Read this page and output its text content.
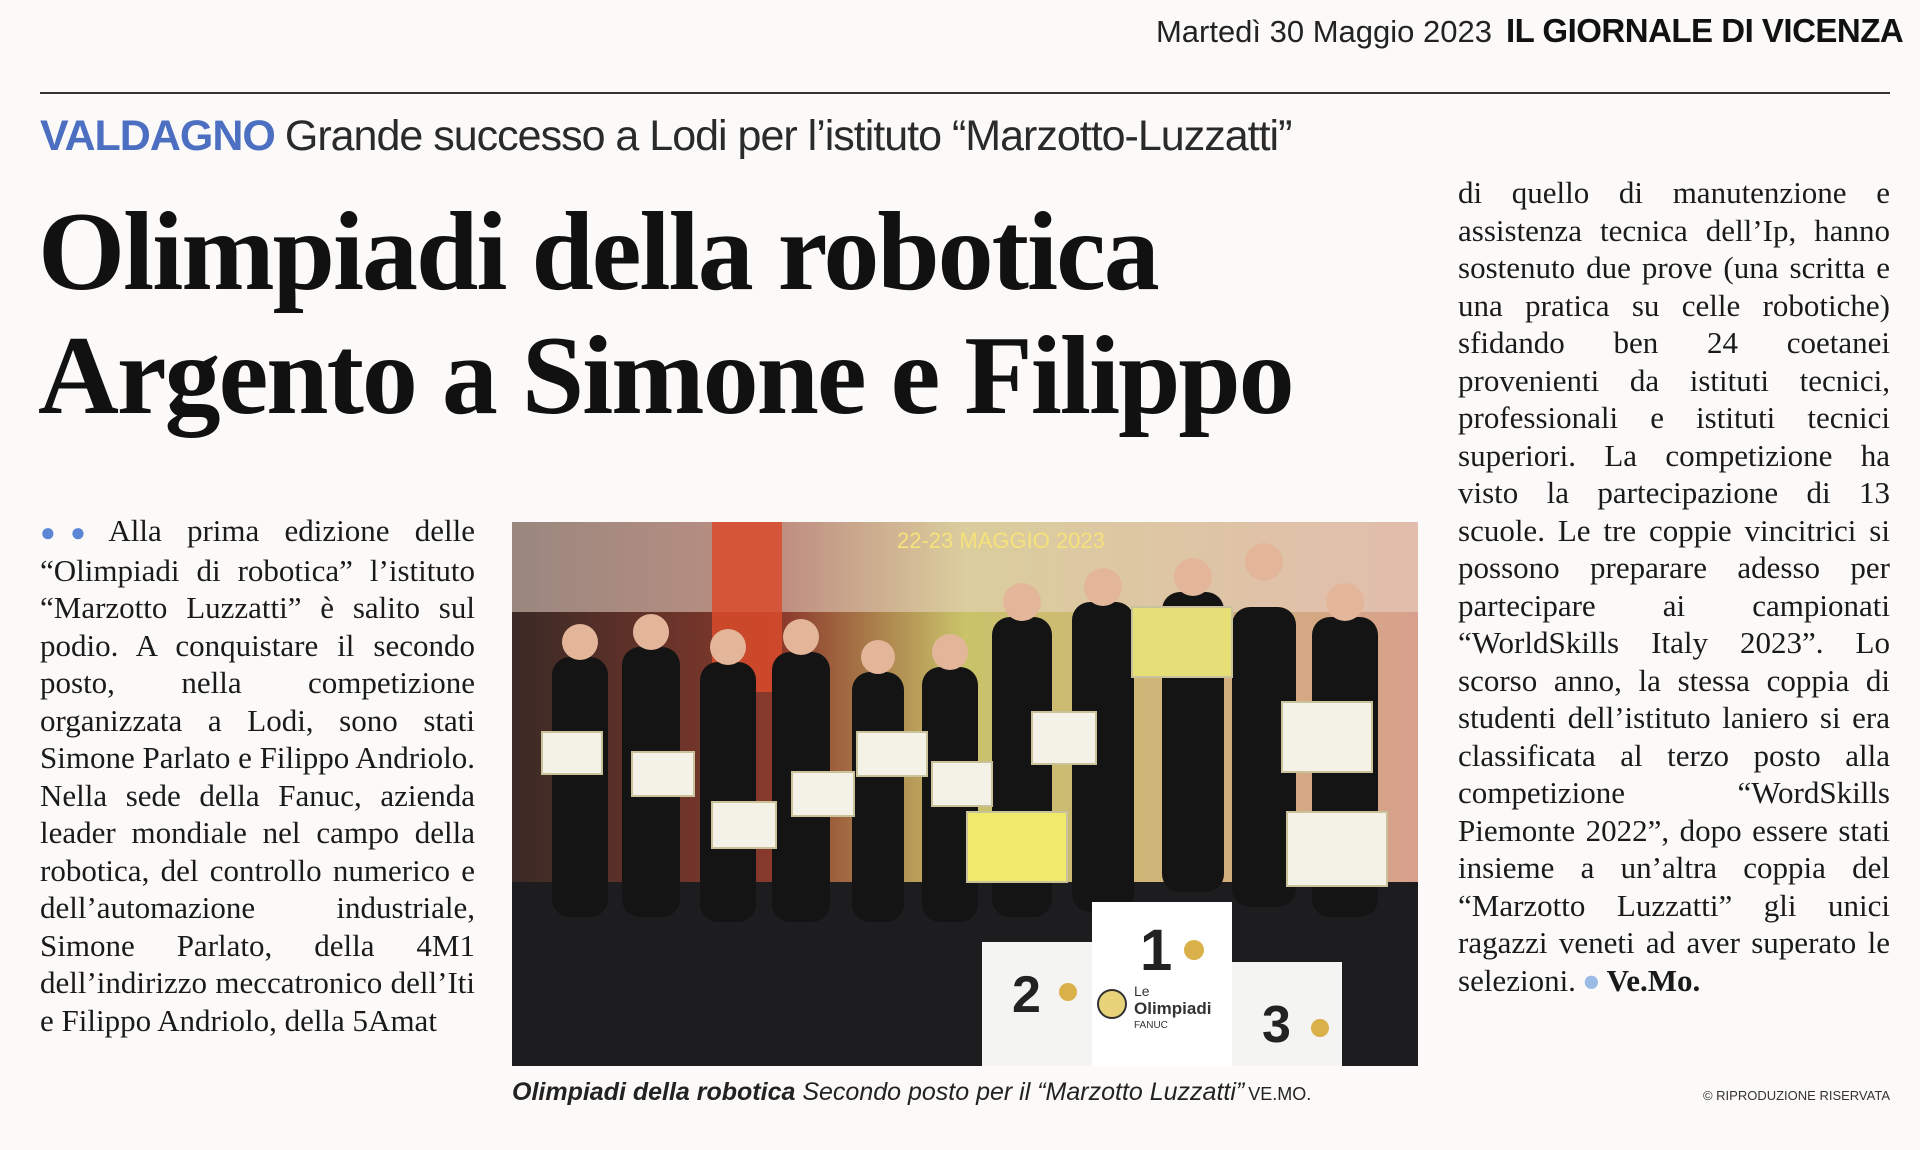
Martedì 30 Maggio 2023 IL GIORNALE DI VICENZA
VALDAGNO Grande successo a Lodi per l’istituto “Marzotto-Luzzatti”
Olimpiadi della robotica
Argento a Simone e Filippo
●● Alla prima edizione delle “Olimpiadi di robotica” l’istituto “Marzotto Luzzatti” è salito sul podio. A conquistare il secondo posto, nella competizione organizzata a Lodi, sono stati Simone Parlato e Filippo Andriolo. Nella sede della Fanuc, azienda leader mondiale nel campo della robotica, del controllo numerico e dell’automazione industriale, Simone Parlato, della 4M1 dell’indirizzo meccatronico dell’Iti e Filippo Andriolo, della 5Amat
22-23 MAGGIO 2023
2
1
3
Le
Olimpiadi
FANUC
Olimpiadi della robotica Secondo posto per il “Marzotto Luzzatti” VE.MO.
di quello di manutenzione e assistenza tecnica dell’Ip, hanno sostenuto due prove (una scritta e una pratica su celle robotiche) sfidando ben 24 coetanei provenienti da istituti tecnici, professionali e istituti tecnici superiori. La competizione ha visto la partecipazione di 13 scuole. Le tre coppie vincitrici si possono preparare adesso per partecipare ai campionati “WorldSkills Italy 2023”. Lo scorso anno, la stessa coppia di studenti dell’istituto laniero si era classificata al terzo posto alla competizione “WordSkills Piemonte 2022”, dopo essere stati insieme a un’altra coppia del “Marzotto Luzzatti” gli unici ragazzi veneti ad aver superato le selezioni. ● Ve.Mo.
© RIPRODUZIONE RISERVATA
